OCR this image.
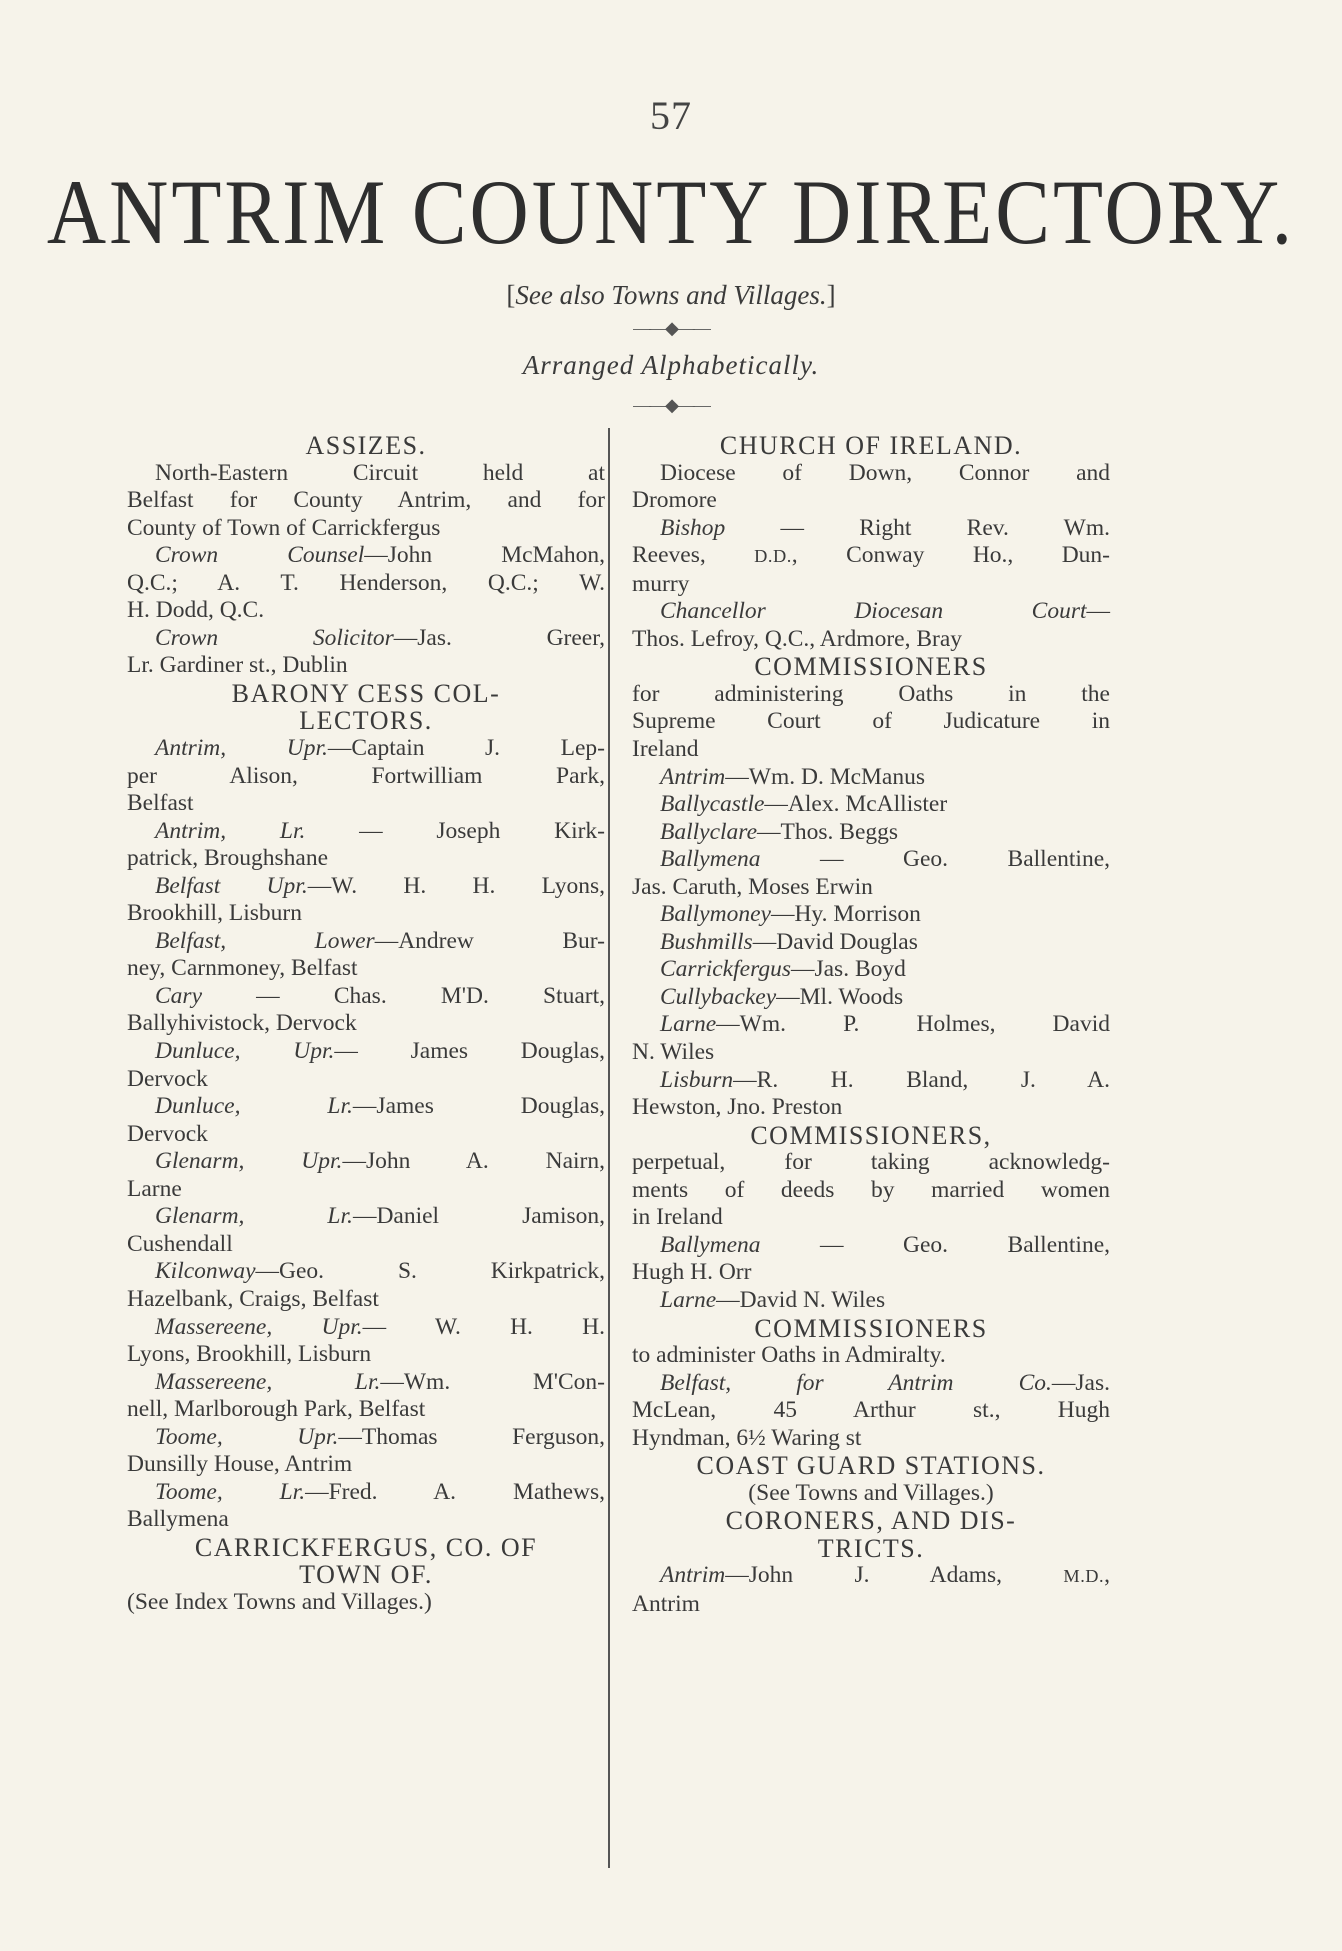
57
ANTRIM COUNTY DIRECTORY.
[See also Towns and Villages.]
——◆——
Arranged Alphabetically.
——◆——
ASSIZES.
North-Eastern Circuit held at
Belfast for County Antrim, and for
County of Town of Carrickfergus
Crown Counsel—John McMahon,
Q.C.; A. T. Henderson, Q.C.; W.
H. Dodd, Q.C.
Crown Solicitor—Jas. Greer,
Lr. Gardiner st., Dublin
BARONY CESS COL-
LECTORS.
Antrim, Upr.—Captain J. Lep-
per Alison, Fortwilliam Park,
Belfast
Antrim, Lr. — Joseph Kirk-
patrick, Broughshane
Belfast Upr.—W. H. H. Lyons,
Brookhill, Lisburn
Belfast, Lower—Andrew Bur-
ney, Carnmoney, Belfast
Cary — Chas. M'D. Stuart,
Ballyhivistock, Dervock
Dunluce, Upr.— James Douglas,
Dervock
Dunluce, Lr.—James Douglas,
Dervock
Glenarm, Upr.—John A. Nairn,
Larne
Glenarm, Lr.—Daniel Jamison,
Cushendall
Kilconway—Geo. S. Kirkpatrick,
Hazelbank, Craigs, Belfast
Massereene, Upr.— W. H. H.
Lyons, Brookhill, Lisburn
Massereene, Lr.—Wm. M'Con-
nell, Marlborough Park, Belfast
Toome, Upr.—Thomas Ferguson,
Dunsilly House, Antrim
Toome, Lr.—Fred. A. Mathews,
Ballymena
CARRICKFERGUS, CO. OF
TOWN OF.
(See Index Towns and Villages.)
CHURCH OF IRELAND.
Diocese of Down, Connor and
Dromore
Bishop — Right Rev. Wm.
Reeves, D.D., Conway Ho., Dun-
murry
Chancellor Diocesan Court—
Thos. Lefroy, Q.C., Ardmore, Bray
COMMISSIONERS
for administering Oaths in the
Supreme Court of Judicature in
Ireland
Antrim—Wm. D. McManus
Ballycastle—Alex. McAllister
Ballyclare—Thos. Beggs
Ballymena — Geo. Ballentine,
Jas. Caruth, Moses Erwin
Ballymoney—Hy. Morrison
Bushmills—David Douglas
Carrickfergus—Jas. Boyd
Cullybackey—Ml. Woods
Larne—Wm. P. Holmes, David
N. Wiles
Lisburn—R. H. Bland, J. A.
Hewston, Jno. Preston
COMMISSIONERS,
perpetual, for taking acknowledg-
ments of deeds by married women
in Ireland
Ballymena — Geo. Ballentine,
Hugh H. Orr
Larne—David N. Wiles
COMMISSIONERS
to administer Oaths in Admiralty.
Belfast, for Antrim Co.—Jas.
McLean, 45 Arthur st., Hugh
Hyndman, 6½ Waring st
COAST GUARD STATIONS.
(See Towns and Villages.)
CORONERS, AND DIS-
TRICTS.
Antrim—John J. Adams, M.D.,
Antrim
